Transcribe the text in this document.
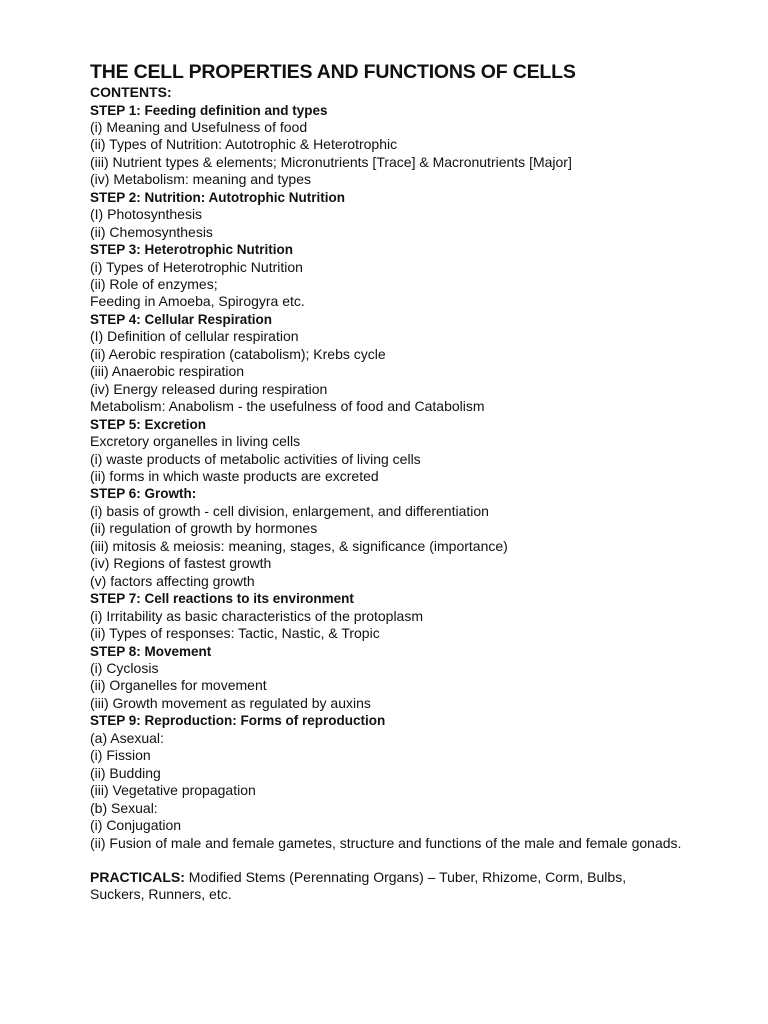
THE CELL PROPERTIES AND FUNCTIONS OF CELLS
CONTENTS:
STEP 1: Feeding definition and types
(i) Meaning and Usefulness of food
(ii) Types of Nutrition: Autotrophic & Heterotrophic
(iii) Nutrient types & elements; Micronutrients [Trace] & Macronutrients [Major]
(iv) Metabolism: meaning and types
STEP 2: Nutrition: Autotrophic Nutrition
(I) Photosynthesis
(ii) Chemosynthesis
STEP 3: Heterotrophic Nutrition
(i) Types of Heterotrophic Nutrition
(ii) Role of enzymes;
Feeding in Amoeba, Spirogyra etc.
STEP 4: Cellular Respiration
(I) Definition of cellular respiration
(ii) Aerobic respiration (catabolism); Krebs cycle
(iii) Anaerobic respiration
(iv) Energy released during respiration
Metabolism: Anabolism - the usefulness of food and Catabolism
STEP 5: Excretion
Excretory organelles in living cells
(i) waste products of metabolic activities of living cells
(ii) forms in which waste products are excreted
STEP 6: Growth:
(i) basis of growth - cell division, enlargement, and differentiation
(ii) regulation of growth by hormones
(iii) mitosis & meiosis: meaning, stages, & significance (importance)
(iv) Regions of fastest growth
(v) factors affecting growth
STEP 7: Cell reactions to its environment
(i) Irritability as basic characteristics of the protoplasm
(ii) Types of responses: Tactic, Nastic, & Tropic
STEP 8: Movement
(i) Cyclosis
(ii) Organelles for movement
(iii) Growth movement as regulated by auxins
STEP 9: Reproduction: Forms of reproduction
(a) Asexual:
(i) Fission
(ii) Budding
(iii) Vegetative propagation
(b) Sexual:
(i) Conjugation
(ii) Fusion of male and female gametes, structure and functions of the male and female gonads.
PRACTICALS: Modified Stems (Perennating Organs) – Tuber, Rhizome, Corm, Bulbs, Suckers, Runners, etc.
